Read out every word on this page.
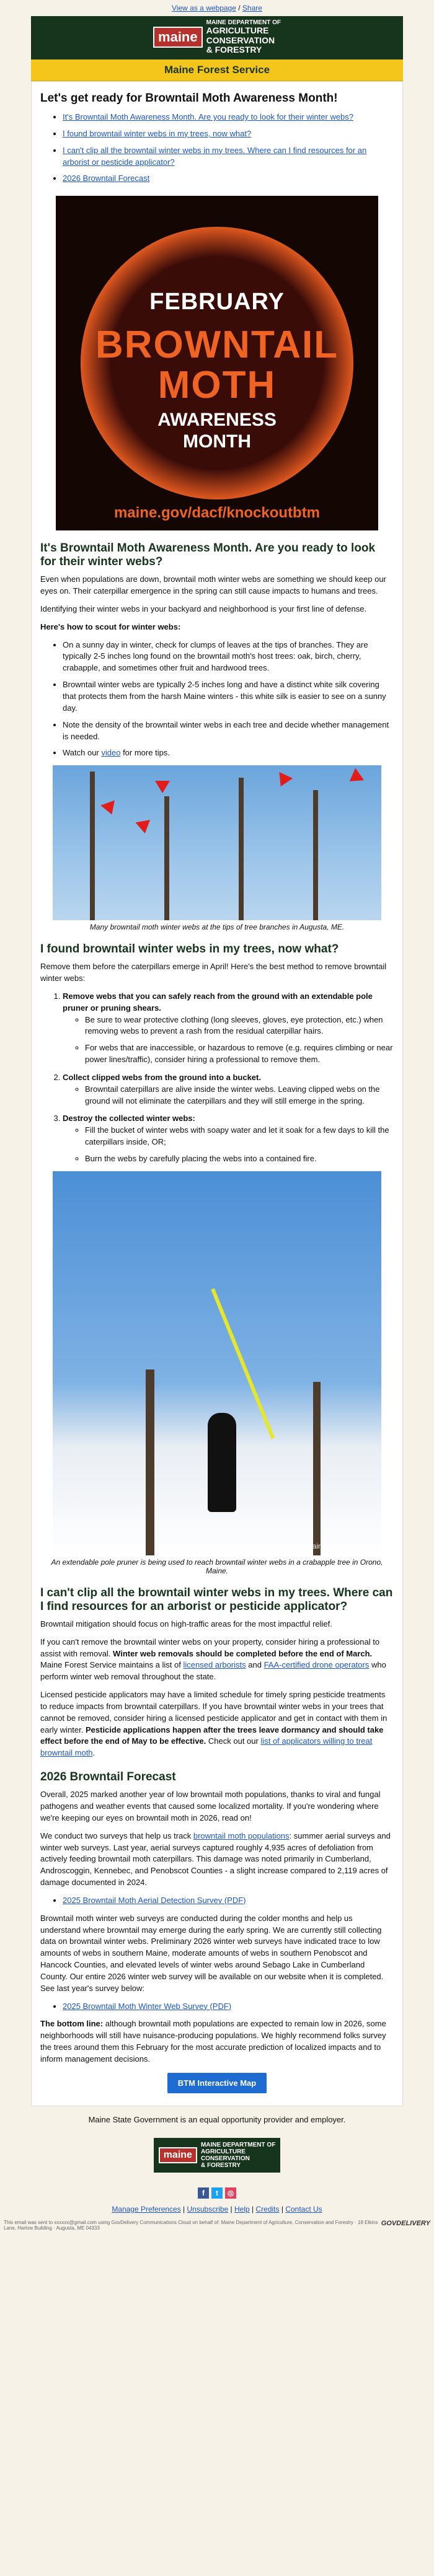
View as a webpage / Share
maine
MAINE DEPARTMENT OF
AGRICULTURE
CONSERVATION
& FORESTRY
Maine Forest Service
Let's get ready for Browntail Moth Awareness Month!
• It's Browntail Moth Awareness Month. Are you ready to look for their winter webs?
• I found browntail winter webs in my trees, now what?
• I can't clip all the browntail winter webs in my trees. Where can I find resources for an arborist or pesticide applicator?
• 2026 Browntail Forecast
FEBRUARY
BROWNTAIL
MOTH
AWARENESS
MONTH
maine.gov/dacf/knockoutbtm
It's Browntail Moth Awareness Month. Are you ready to look for their winter webs?

Even when populations are down, browntail moth winter webs are something we should keep our eyes on. Their caterpillar emergence in the spring can still cause impacts to humans and trees.

Identifying their winter webs in your backyard and neighborhood is your first line of defense.

Here's how to scout for winter webs:

• On a sunny day in winter, check for clumps of leaves at the tips of branches. They are typically 2-5 inches long found on the browntail moth's host trees: oak, birch, cherry, crabapple, and sometimes other fruit and hardwood trees.
• Browntail winter webs are typically 2-5 inches long and have a distinct white silk covering that protects them from the harsh Maine winters - this white silk is easier to see on a sunny day.
• Note the density of the browntail winter webs in each tree and decide whether management is needed.
• Watch our video for more tips.
Many browntail moth winter webs at the tips of tree branches in Augusta, ME.
I found browntail winter webs in my trees, now what?

Remove them before the caterpillars emerge in April! Here's the best method to remove browntail winter webs:

1. Remove webs that you can safely reach from the ground with an extendable pole pruner or pruning shears.
◦ Be sure to wear protective clothing (long sleeves, gloves, eye protection, etc.) when removing webs to prevent a rash from the residual caterpillar hairs.
◦ For webs that are inaccessible, or hazardous to remove (e.g. requires climbing or near power lines/traffic), consider hiring a professional to remove them.
2. Collect clipped webs from the ground into a bucket.
◦ Browntail caterpillars are alive inside the winter webs. Leaving clipped webs on the ground will not eliminate the caterpillars and they will still emerge in the spring.
3. Destroy the collected winter webs:
◦ Fill the bucket of winter webs with soapy water and let it soak for a few days to kill the caterpillars inside, OR;
◦ Burn the webs by carefully placing the webs into a contained fire.
Zoe Allison - Maine Forest Service
An extendable pole pruner is being used to reach browntail winter webs in a crabapple tree in Orono, Maine.
I can't clip all the browntail winter webs in my trees. Where can I find resources for an arborist or pesticide applicator?

Browntail mitigation should focus on high-traffic areas for the most impactful relief.

If you can't remove the browntail winter webs on your property, consider hiring a professional to assist with removal. Winter web removals should be completed before the end of March. Maine Forest Service maintains a list of licensed arborists and FAA-certified drone operators who perform winter web removal throughout the state.

Licensed pesticide applicators may have a limited schedule for timely spring pesticide treatments to reduce impacts from browntail caterpillars. If you have browntail winter webs in your trees that cannot be removed, consider hiring a licensed pesticide applicator and get in contact with them in early winter. Pesticide applications happen after the trees leave dormancy and should take effect before the end of May to be effective. Check out our list of applicators willing to treat browntail moth.

2026 Browntail Forecast

Overall, 2025 marked another year of low browntail moth populations, thanks to viral and fungal pathogens and weather events that caused some localized mortality. If you're wondering where we're keeping our eyes on browntail moth in 2026, read on!

We conduct two surveys that help us track browntail moth populations: summer aerial surveys and winter web surveys. Last year, aerial surveys captured roughly 4,935 acres of defoliation from actively feeding browntail moth caterpillars. This damage was noted primarily in Cumberland, Androscoggin, Kennebec, and Penobscot Counties - a slight increase compared to 2,119 acres of damage documented in 2024.

• 2025 Browntail Moth Aerial Detection Survey (PDF)

Browntail moth winter web surveys are conducted during the colder months and help us understand where browntail may emerge during the early spring. We are currently still collecting data on browntail winter webs. Preliminary 2026 winter web surveys have indicated trace to low amounts of webs in southern Maine, moderate amounts of webs in southern Penobscot and Hancock Counties, and elevated levels of winter webs around Sebago Lake in Cumberland County. Our entire 2026 winter web survey will be available on our website when it is completed. See last year's survey below:

• 2025 Browntail Moth Winter Web Survey (PDF)

The bottom line: although browntail moth populations are expected to remain low in 2026, some neighborhoods will still have nuisance-producing populations. We highly recommend folks survey the trees around them this February for the most accurate prediction of localized impacts and to inform management decisions.

BTM Interactive Map
Maine State Government is an equal opportunity provider and employer.
maine
MAINE DEPARTMENT OF
AGRICULTURE
CONSERVATION
& FORESTRY
f	t	◎
Manage Preferences | Unsubscribe | Help | Credits | Contact Us
This email was sent to xxxxxx@gmail.com using GovDelivery Communications Cloud on behalf of: Maine Department of Agriculture, Conservation and Forestry · 18 Elkins Lane, Harlow Building · Augusta, ME 04333
GOVDELIVERY
